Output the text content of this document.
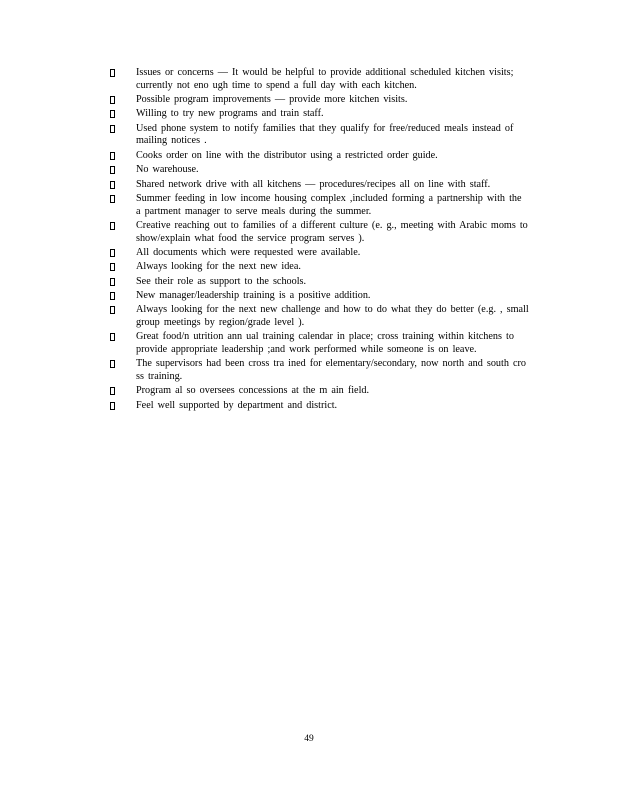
Issues or concerns — It would be helpful to provide additional scheduled kitchen visits; currently not eno ugh time to spend a full day with each kitchen.
Possible program improvements — provide more kitchen visits.
Willing to try new programs and train staff.
Used phone system to notify families that they qualify for free/reduced meals instead of mailing notices .
Cooks order on line with the distributor using a restricted order guide.
No warehouse.
Shared network drive with all kitchens — procedures/recipes all on line with staff.
Summer feeding in low income housing complex ,included forming a partnership with the a partment manager to serve meals during the summer.
Creative reaching out to families of a different culture (e. g., meeting with Arabic moms to show/explain what food the service program serves ).
All documents which were requested were available.
Always looking for the next new idea.
See their role as support to the schools.
New manager/leadership training is a positive addition.
Always looking for the next new challenge and how to do what they do better (e.g. , small group meetings by region/grade level ).
Great food/n utrition ann ual training calendar in place; cross training within kitchens to provide appropriate leadership ;and work performed while someone is on leave.
The supervisors had been cross tra ined for elementary/secondary, now north and south cro ss training.
Program al so oversees concessions at the m ain field.
Feel well supported by department and district.
49
